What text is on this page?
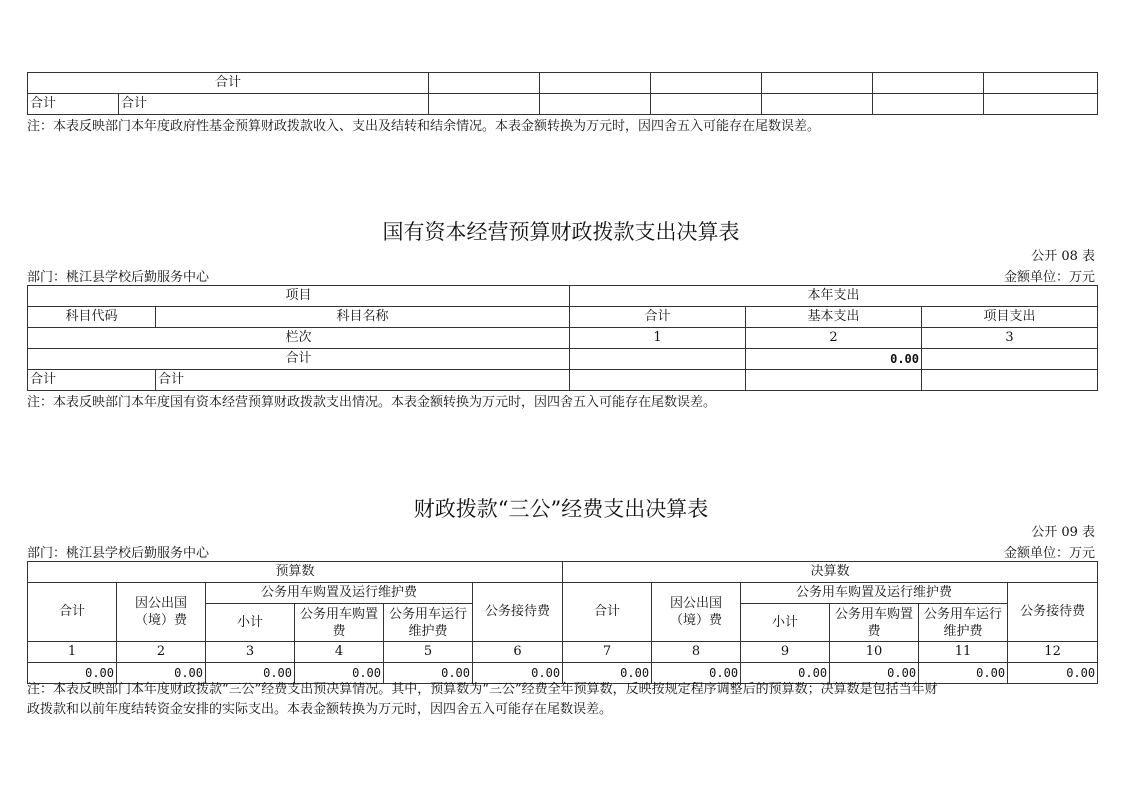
合计							
合计	合计						
注：本表反映部门本年度政府性基金预算财政拨款收入、支出及结转和结余情况。本表金额转换为万元时，因四舍五入可能存在尾数误差。
国有资本经营预算财政拨款支出决算表
公开 08 表
部门：桃江县学校后勤服务中心	金额单位：万元
项目		本年支出		
科目代码	科目名称	合计	基本支出	项目支出
栏次		1	2	3
合计			0.00	
合计	合计			
注：本表反映部门本年度国有资本经营预算财政拨款支出情况。本表金额转换为万元时，因四舍五入可能存在尾数误差。
财政拨款“三公”经费支出决算表
公开 09 表
部门：桃江县学校后勤服务中心	金额单位：万元
预算数						决算数					
合计	因公出国（境）费	公务用车购置及运行维护费			公务接待费	合计	因公出国（境）费	公务用车购置及运行维护费			公务接待费
		小计	公务用车购置费	公务用车运行维护费				小计	公务用车购置费	公务用车运行维护费	
1	2	3	4	5	6	7	8	9	10	11	12
0.00	0.00	0.00	0.00	0.00	0.00	0.00	0.00	0.00	0.00	0.00	0.00
注：本表反映部门本年度财政拨款“三公”经费支出预决算情况。其中，预算数为“三公”经费全年预算数，反映按规定程序调整后的预算数；决算数是包括当年财
政拨款和以前年度结转资金安排的实际支出。本表金额转换为万元时，因四舍五入可能存在尾数误差。
